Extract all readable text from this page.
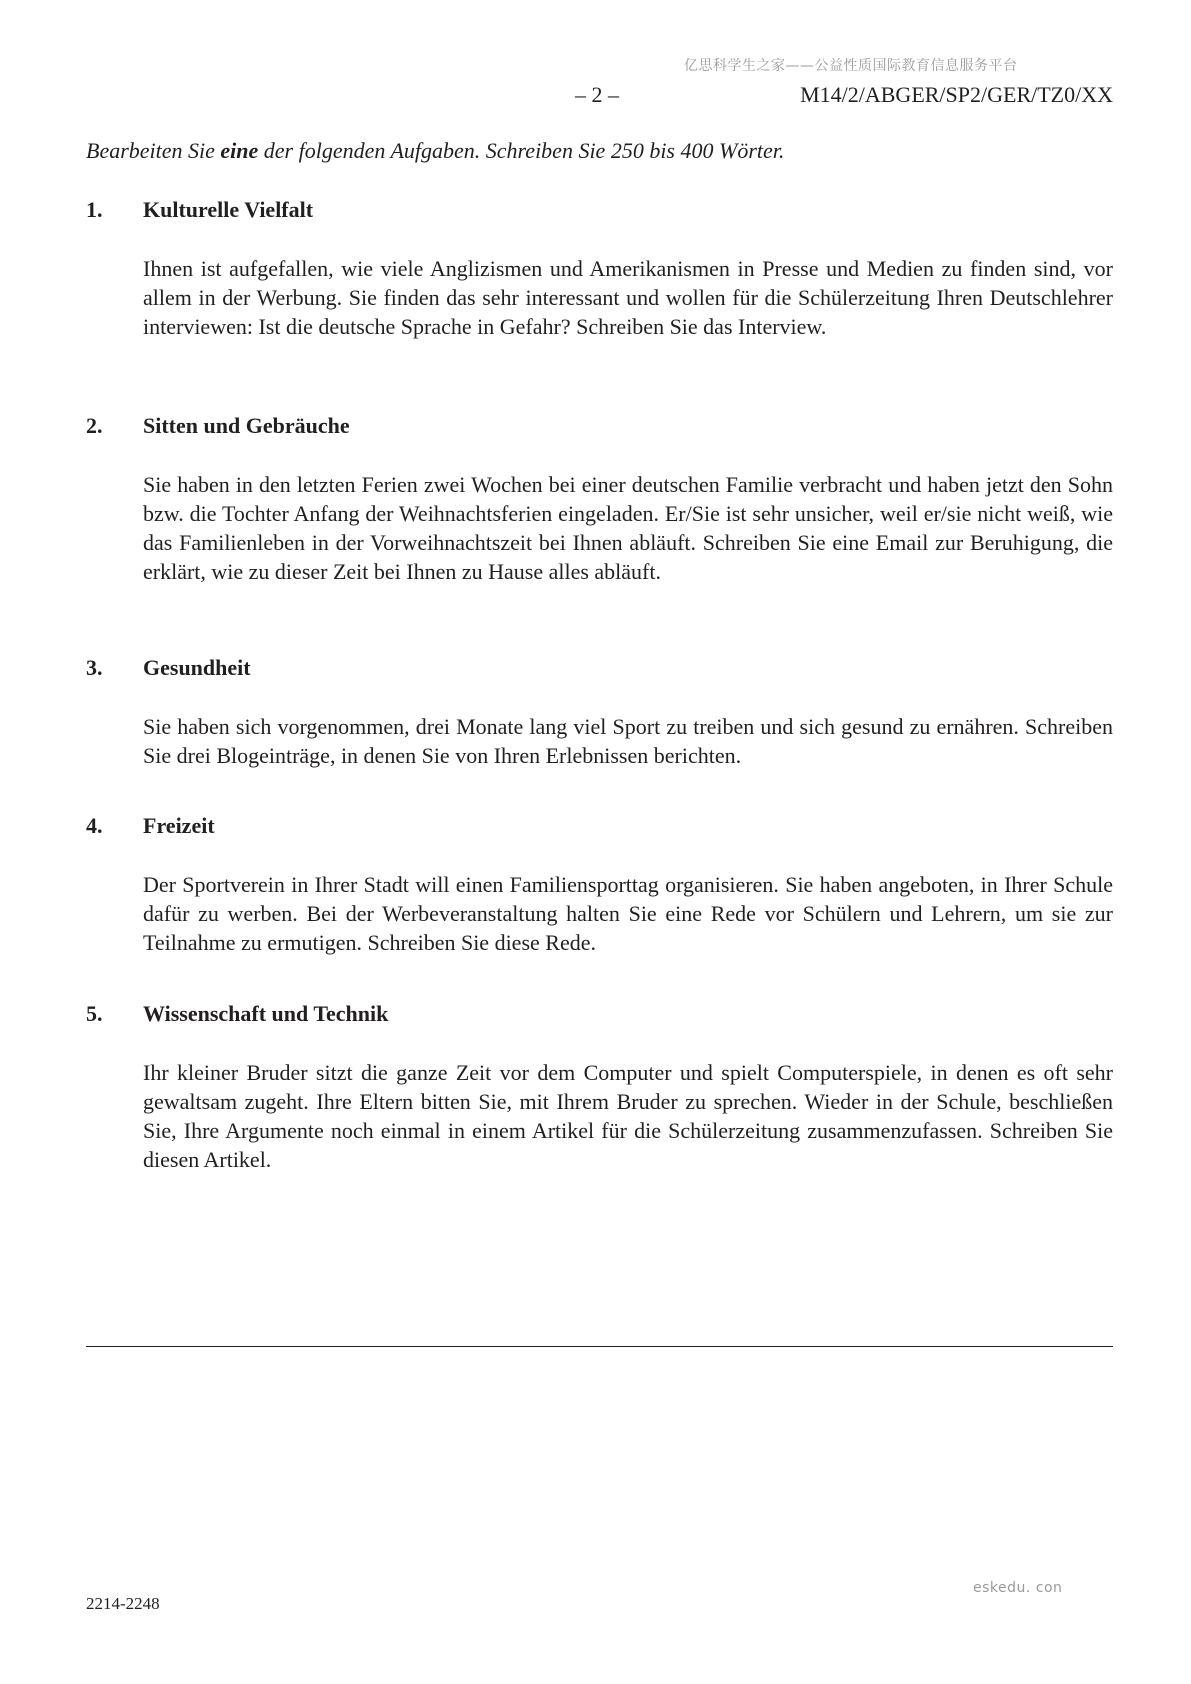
亿思科学生之家——公益性质国际教育信息服务平台
– 2 –	M14/2/ABGER/SP2/GER/TZ0/XX
Bearbeiten Sie eine der folgenden Aufgaben. Schreiben Sie 250 bis 400 Wörter.
1.	Kulturelle Vielfalt
Ihnen ist aufgefallen, wie viele Anglizismen und Amerikanismen in Presse und Medien zu finden sind, vor allem in der Werbung. Sie finden das sehr interessant und wollen für die Schülerzeitung Ihren Deutschlehrer interviewen: Ist die deutsche Sprache in Gefahr? Schreiben Sie das Interview.
2.	Sitten und Gebräuche
Sie haben in den letzten Ferien zwei Wochen bei einer deutschen Familie verbracht und haben jetzt den Sohn bzw. die Tochter Anfang der Weihnachtsferien eingeladen. Er/Sie ist sehr unsicher, weil er/sie nicht weiß, wie das Familienleben in der Vorweihnachtszeit bei Ihnen abläuft. Schreiben Sie eine Email zur Beruhigung, die erklärt, wie zu dieser Zeit bei Ihnen zu Hause alles abläuft.
3.	Gesundheit
Sie haben sich vorgenommen, drei Monate lang viel Sport zu treiben und sich gesund zu ernähren. Schreiben Sie drei Blogeinträge, in denen Sie von Ihren Erlebnissen berichten.
4.	Freizeit
Der Sportverein in Ihrer Stadt will einen Familiensporttag organisieren. Sie haben angeboten, in Ihrer Schule dafür zu werben. Bei der Werbeveranstaltung halten Sie eine Rede vor Schülern und Lehrern, um sie zur Teilnahme zu ermutigen. Schreiben Sie diese Rede.
5.	Wissenschaft und Technik
Ihr kleiner Bruder sitzt die ganze Zeit vor dem Computer und spielt Computerspiele, in denen es oft sehr gewaltsam zugeht. Ihre Eltern bitten Sie, mit Ihrem Bruder zu sprechen. Wieder in der Schule, beschließen Sie, Ihre Argumente noch einmal in einem Artikel für die Schülerzeitung zusammenzufassen. Schreiben Sie diesen Artikel.
eskedu. con
2214-2248
